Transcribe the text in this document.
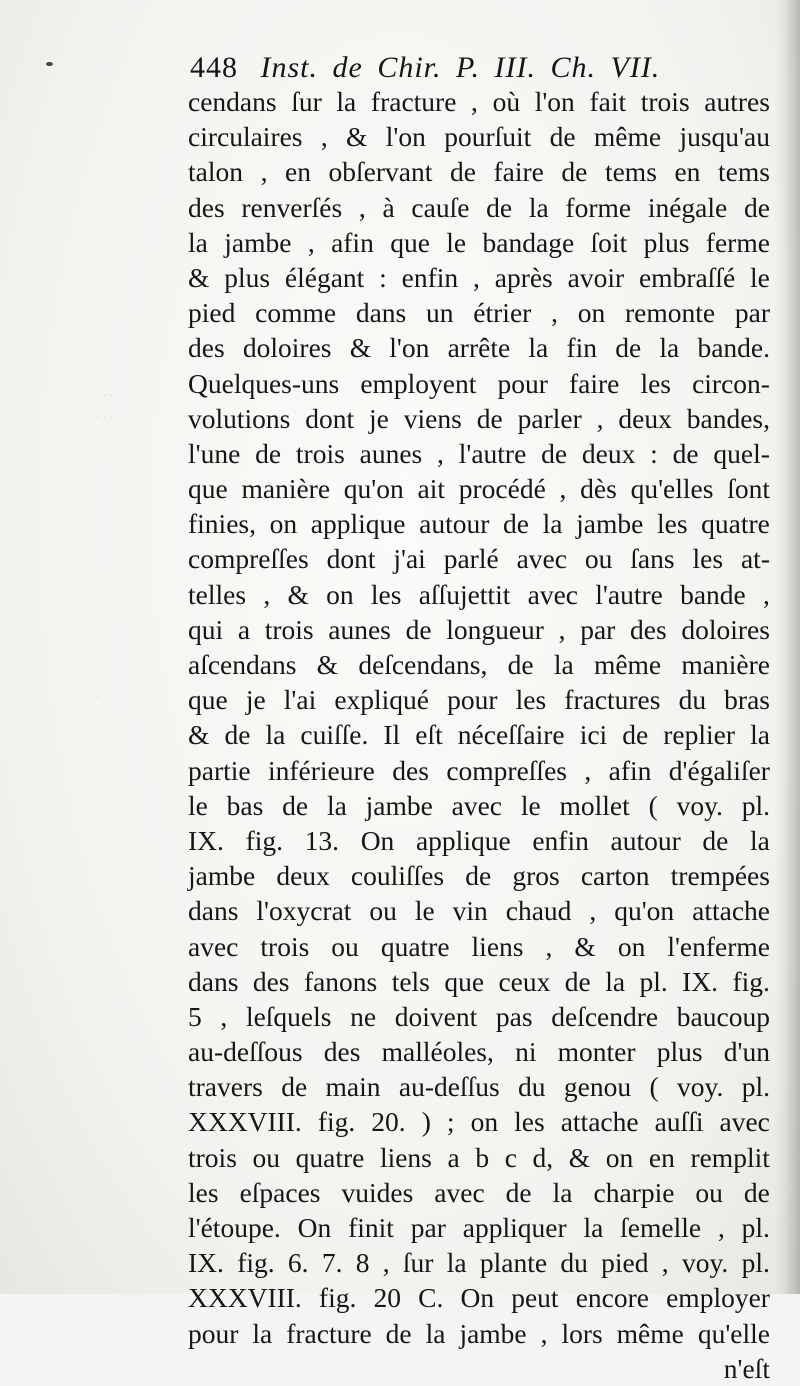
· · ·
· · ·
·
448 Inst. de Chir. P. III. Ch. VII.
cendans ſur la fracture , où l'on fait trois autres
circulaires , & l'on pourſuit de même jusqu'au
talon , en obſervant de faire de tems en tems
des renverſés , à cauſe de la forme inégale de
la jambe , afin que le bandage ſoit plus ferme
& plus élégant : enfin , après avoir embraſſé le
pied comme dans un étrier , on remonte par
des doloires & l'on arrête la fin de la bande.
Quelques-uns employent pour faire les circon-
volutions dont je viens de parler , deux bandes,
l'une de trois aunes , l'autre de deux : de quel-
que manière qu'on ait procédé , dès qu'elles ſont
finies, on applique autour de la jambe les quatre
compreſſes dont j'ai parlé avec ou ſans les at-
telles , & on les aſſujettit avec l'autre bande ,
qui a trois aunes de longueur , par des doloires
aſcendans & deſcendans, de la même manière
que je l'ai expliqué pour les fractures du bras
& de la cuiſſe. Il eſt néceſſaire ici de replier la
partie inférieure des compreſſes , afin d'égaliſer
le bas de la jambe avec le mollet ( voy. pl.
IX. fig. 13. On applique enfin autour de la
jambe deux couliſſes de gros carton trempées
dans l'oxycrat ou le vin chaud , qu'on attache
avec trois ou quatre liens , & on l'enferme
dans des fanons tels que ceux de la pl. IX. fig.
5 , leſquels ne doivent pas deſcendre baucoup
au-deſſous des malléoles, ni monter plus d'un
travers de main au-deſſus du genou ( voy. pl.
XXXVIII. fig. 20. ) ; on les attache auſſi avec
trois ou quatre liens a b c d, & on en remplit
les eſpaces vuides avec de la charpie ou de
l'étoupe. On finit par appliquer la ſemelle , pl.
IX. fig. 6. 7. 8 , ſur la plante du pied , voy. pl.
XXXVIII. fig. 20 C. On peut encore employer
pour la fracture de la jambe , lors même qu'elle
n'eſt
